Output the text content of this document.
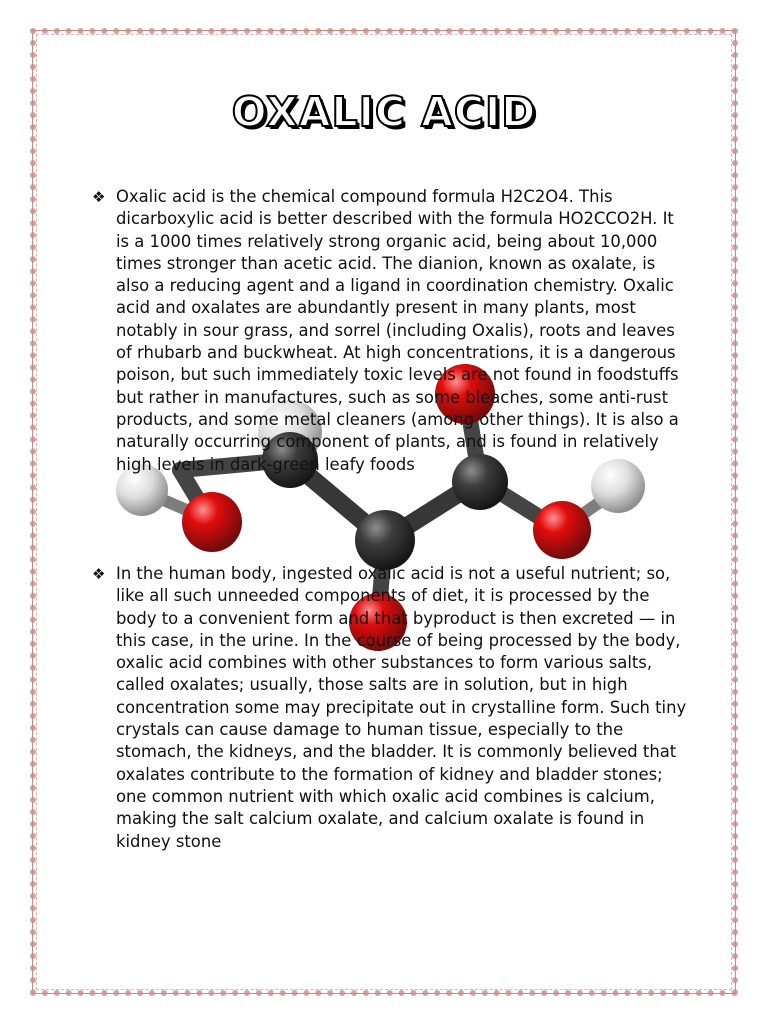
OXALIC ACID
❖ Oxalic acid is the chemical compound formula H2C2O4. This dicarboxylic acid is better described with the formula HO2CCO2H. It is a 1000 times relatively strong organic acid, being about 10,000 times stronger than acetic acid. The dianion, known as oxalate, is also a reducing agent and a ligand in coordination chemistry. Oxalic acid and oxalates are abundantly present in many plants, most notably in sour grass, and sorrel (including Oxalis), roots and leaves of rhubarb and buckwheat. At high concentrations, it is a dangerous poison, but such immediately toxic levels are not found in foodstuffs but rather in manufactures, such as some bleaches, some anti-rust products, and some metal cleaners (among other things). It is also a naturally occurring component of plants, and is found in relatively high levels in dark-green leafy foods
❖ In the human body, ingested oxalic acid is not a useful nutrient; so, like all such unneeded components of diet, it is processed by the body to a convenient form and that byproduct is then excreted — in this case, in the urine. In the course of being processed by the body, oxalic acid combines with other substances to form various salts, called oxalates; usually, those salts are in solution, but in high concentration some may precipitate out in crystalline form. Such tiny crystals can cause damage to human tissue, especially to the stomach, the kidneys, and the bladder. It is commonly believed that oxalates contribute to the formation of kidney and bladder stones; one common nutrient with which oxalic acid combines is calcium, making the salt calcium oxalate, and calcium oxalate is found in kidney stone
